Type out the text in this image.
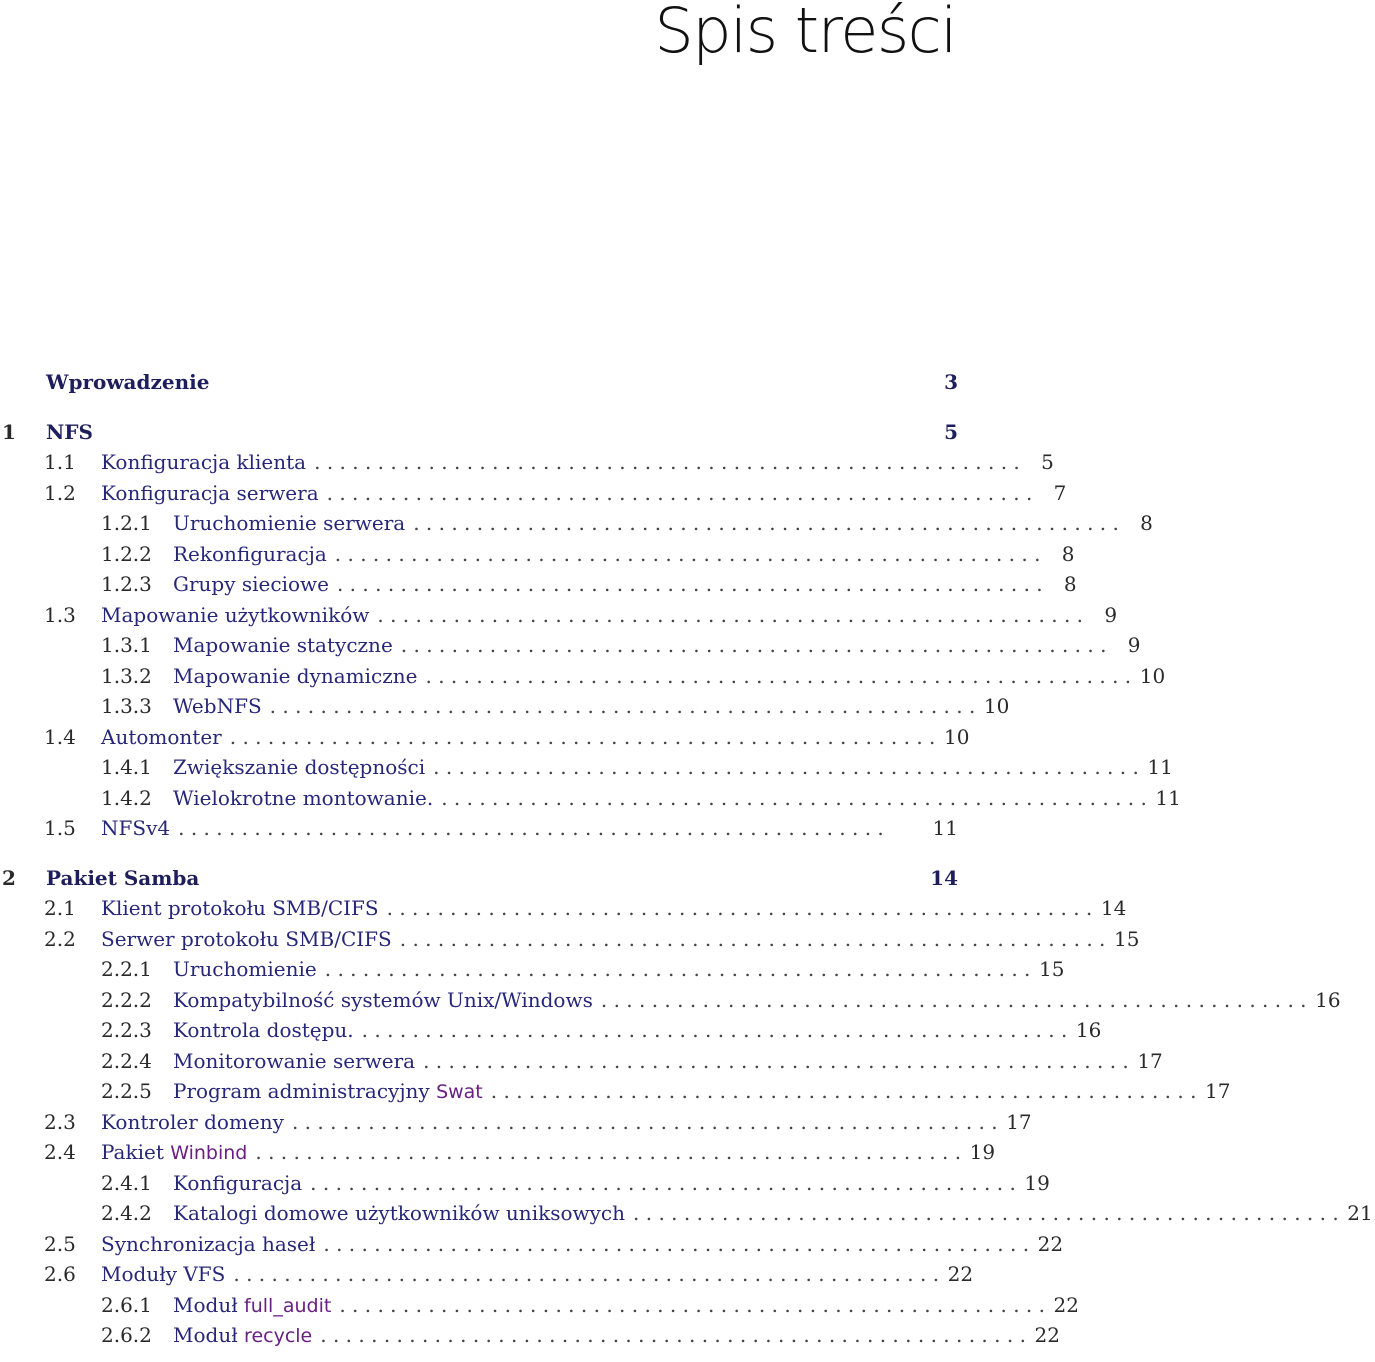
Spis treści
Wprowadzenie	3
1	NFS	5
1.1	Konfiguracja klienta . . . . . . . . . . . . . . . . . . . . . . . . . . . . . . . . . . . . . . . . . . . . . . . . . . . . . . . .	5
1.2	Konfiguracja serwera . . . . . . . . . . . . . . . . . . . . . . . . . . . . . . . . . . . . . . . . . . . . . . . . . . . . . . . .	7
1.2.1	Uruchomienie serwera . . . . . . . . . . . . . . . . . . . . . . . . . . . . . . . . . . . . . . . . . . . . . . . . . . . . . . . .	8
1.2.2	Rekonfiguracja . . . . . . . . . . . . . . . . . . . . . . . . . . . . . . . . . . . . . . . . . . . . . . . . . . . . . . . .	8
1.2.3	Grupy sieciowe . . . . . . . . . . . . . . . . . . . . . . . . . . . . . . . . . . . . . . . . . . . . . . . . . . . . . . . .	8
1.3	Mapowanie użytkowników . . . . . . . . . . . . . . . . . . . . . . . . . . . . . . . . . . . . . . . . . . . . . . . . . . . . . . . .	9
1.3.1	Mapowanie statyczne . . . . . . . . . . . . . . . . . . . . . . . . . . . . . . . . . . . . . . . . . . . . . . . . . . . . . . . .	9
1.3.2	Mapowanie dynamiczne . . . . . . . . . . . . . . . . . . . . . . . . . . . . . . . . . . . . . . . . . . . . . . . . . . . . . . . . 10
1.3.3	WebNFS . . . . . . . . . . . . . . . . . . . . . . . . . . . . . . . . . . . . . . . . . . . . . . . . . . . . . . . . 10
1.4	Automonter . . . . . . . . . . . . . . . . . . . . . . . . . . . . . . . . . . . . . . . . . . . . . . . . . . . . . . . . 10
1.4.1	Zwiększanie dostępności . . . . . . . . . . . . . . . . . . . . . . . . . . . . . . . . . . . . . . . . . . . . . . . . . . . . . . . . 11
1.4.2	Wielokrotne montowanie. . . . . . . . . . . . . . . . . . . . . . . . . . . . . . . . . . . . . . . . . . . . . . . . . . . . . . . . . 11
1.5	NFSv4 . . . . . . . . . . . . . . . . . . . . . . . . . . . . . . . . . . . . . . . . . . . . . . . . . . . . . . . .	11
2	Pakiet Samba	14
2.1	Klient protokołu SMB/CIFS . . . . . . . . . . . . . . . . . . . . . . . . . . . . . . . . . . . . . . . . . . . . . . . . . . . . . . . . 14
2.2	Serwer protokołu SMB/CIFS . . . . . . . . . . . . . . . . . . . . . . . . . . . . . . . . . . . . . . . . . . . . . . . . . . . . . . . . 15
2.2.1	Uruchomienie . . . . . . . . . . . . . . . . . . . . . . . . . . . . . . . . . . . . . . . . . . . . . . . . . . . . . . . . 15
2.2.2	Kompatybilność systemów Unix/Windows . . . . . . . . . . . . . . . . . . . . . . . . . . . . . . . . . . . . . . . . . . . . . . . . . . . . . . . . 16
2.2.3	Kontrola dostępu. . . . . . . . . . . . . . . . . . . . . . . . . . . . . . . . . . . . . . . . . . . . . . . . . . . . . . . . . 16
2.2.4	Monitorowanie serwera . . . . . . . . . . . . . . . . . . . . . . . . . . . . . . . . . . . . . . . . . . . . . . . . . . . . . . . . 17
2.2.5	Program administracyjny Swat . . . . . . . . . . . . . . . . . . . . . . . . . . . . . . . . . . . . . . . . . . . . . . . . . . . . . . . . 17
2.3	Kontroler domeny . . . . . . . . . . . . . . . . . . . . . . . . . . . . . . . . . . . . . . . . . . . . . . . . . . . . . . . . 17
2.4	Pakiet Winbind . . . . . . . . . . . . . . . . . . . . . . . . . . . . . . . . . . . . . . . . . . . . . . . . . . . . . . . . 19
2.4.1	Konfiguracja . . . . . . . . . . . . . . . . . . . . . . . . . . . . . . . . . . . . . . . . . . . . . . . . . . . . . . . . 19
2.4.2	Katalogi domowe użytkowników uniksowych . . . . . . . . . . . . . . . . . . . . . . . . . . . . . . . . . . . . . . . . . . . . . . . . . . . . . . . . 21
2.5	Synchronizacja haseł . . . . . . . . . . . . . . . . . . . . . . . . . . . . . . . . . . . . . . . . . . . . . . . . . . . . . . . . 22
2.6	Moduły VFS . . . . . . . . . . . . . . . . . . . . . . . . . . . . . . . . . . . . . . . . . . . . . . . . . . . . . . . . 22
2.6.1	Moduł full_audit . . . . . . . . . . . . . . . . . . . . . . . . . . . . . . . . . . . . . . . . . . . . . . . . . . . . . . . . 22
2.6.2	Moduł recycle . . . . . . . . . . . . . . . . . . . . . . . . . . . . . . . . . . . . . . . . . . . . . . . . . . . . . . . . 22
